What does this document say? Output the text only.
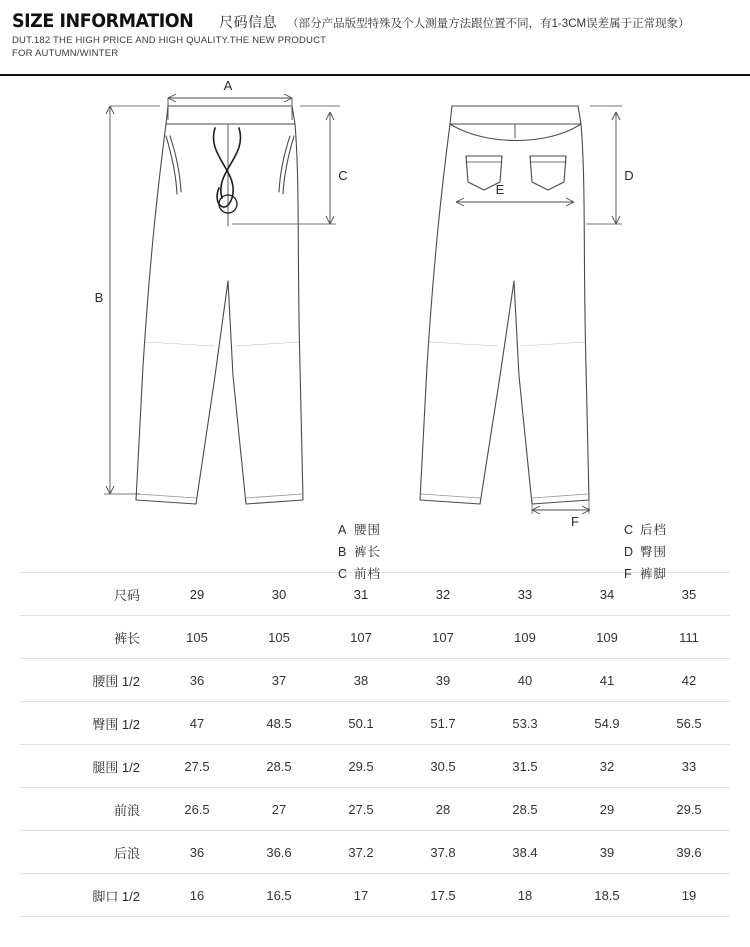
SIZE INFORMATION 尺码信息 （部分产品版型特殊及个人测量方法跟位置不同，有1-3CM误差属于正常现象）
DUT.182 THE HIGH PRICE AND HIGH QUALITY.THE NEW PRODUCT FOR AUTUMN/WINTER
A
B
C	D
E
F
A 腰围
B 裤长
C 前档
C 后档
D 臀围
F 裤脚
尺码	29	30	31	32	33	34	35
裤长	105	105	107	107	109	109	111
腰围 1/2	36	37	38	39	40	41	42
臀围 1/2	47	48.5	50.1	51.7	53.3	54.9	56.5
腿围 1/2	27.5	28.5	29.5	30.5	31.5	32	33
前浪	26.5	27	27.5	28	28.5	29	29.5
后浪	36	36.6	37.2	37.8	38.4	39	39.6
脚口 1/2	16	16.5	17	17.5	18	18.5	19
